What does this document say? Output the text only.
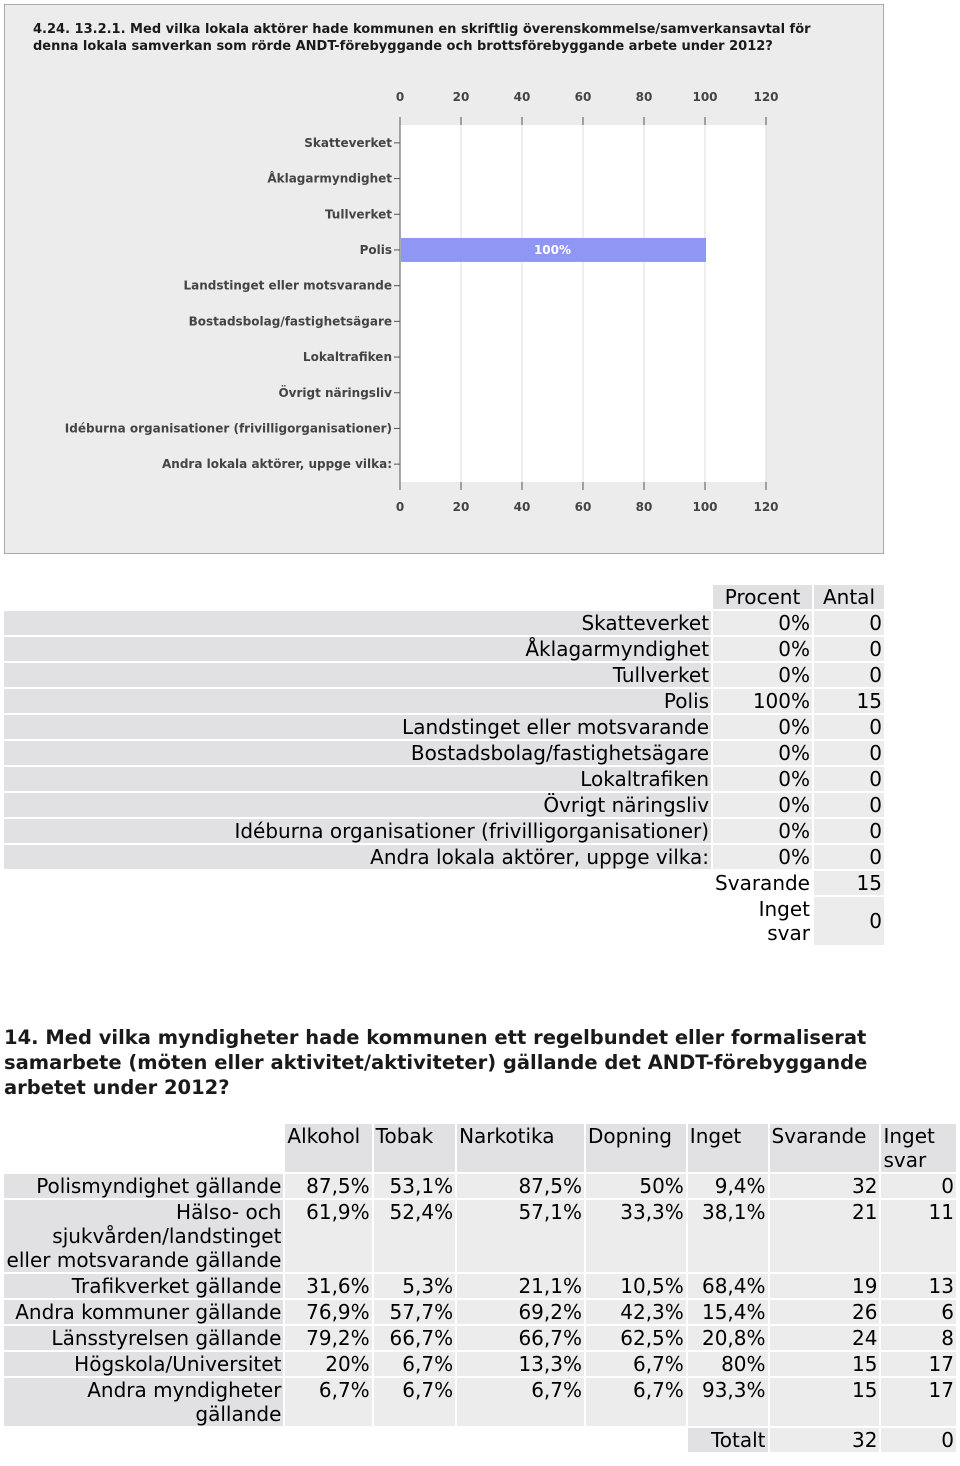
4.24. 13.2.1. Med vilka lokala aktörer hade kommunen en skriftlig överenskommelse/samverkansavtal för denna lokala samverkan som rörde ANDT-förebyggande och brottsförebyggande arbete under 2012?

0
0
20
20
40
40
60
60
80
80
100
100
120
120
Skatteverket
Åklagarmyndighet
Tullverket
Polis	100%
Landstinget eller motsvarande
Bostadsbolag/fastighetsägare
Lokaltrafiken
Övrigt näringsliv
Idéburna organisationer (frivilligorganisationer)
Andra lokala aktörer, uppge vilka:
	Procent	Antal
Skatteverket	0%	0
Åklagarmyndighet	0%	0
Tullverket	0%	0
Polis	100%	15
Landstinget eller motsvarande	0%	0
Bostadsbolag/fastighetsägare	0%	0
Lokaltrafiken	0%	0
Övrigt näringsliv	0%	0
Idéburna organisationer (frivilligorganisationer)	0%	0
Andra lokala aktörer, uppge vilka:	0%	0
	Svarande	15
	Inget svar	0

14. Med vilka myndigheter hade kommunen ett regelbundet eller formaliserat samarbete (möten eller aktivitet/aktiviteter) gällande det ANDT-förebyggande arbetet under 2012?

	Alkohol	Tobak	Narkotika	Dopning	Inget	Svarande	Inget svar
Polismyndighet gällande	87,5%	53,1%	87,5%	50%	9,4%	32	0
Hälso- och sjukvården/landstinget eller motsvarande gällande	61,9%	52,4%	57,1%	33,3%	38,1%	21	11
Trafikverket gällande	31,6%	5,3%	21,1%	10,5%	68,4%	19	13
Andra kommuner gällande	76,9%	57,7%	69,2%	42,3%	15,4%	26	6
Länsstyrelsen gällande	79,2%	66,7%	66,7%	62,5%	20,8%	24	8
Högskola/Universitet	20%	6,7%	13,3%	6,7%	80%	15	17
Andra myndigheter gällande	6,7%	6,7%	6,7%	6,7%	93,3%	15	17
					Totalt	32	0
